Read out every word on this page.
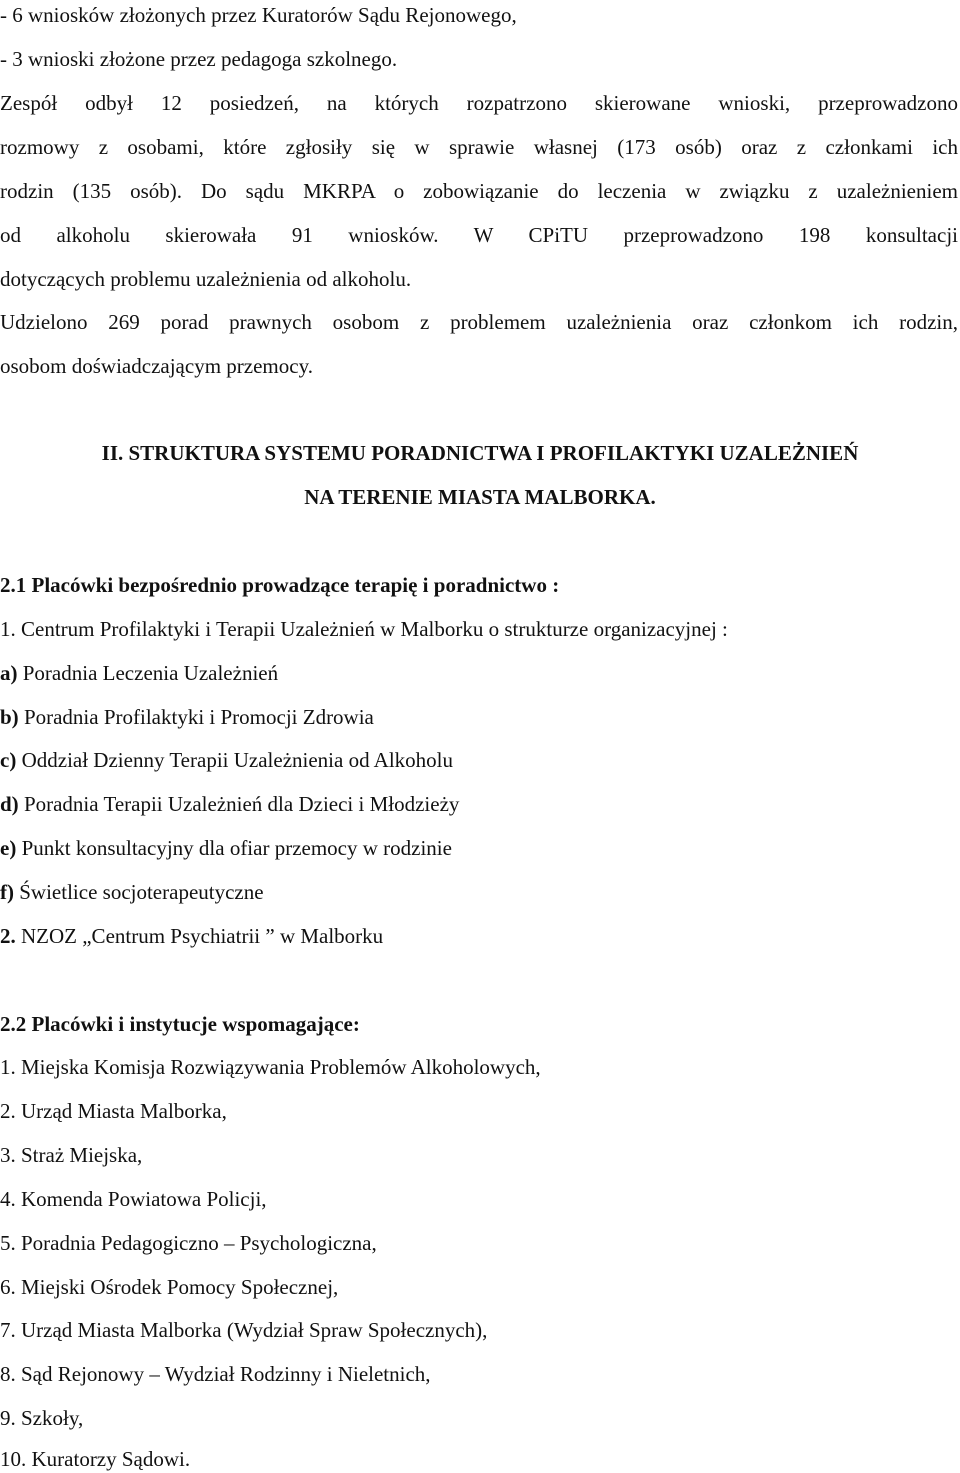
- 6 wniosków złożonych przez Kuratorów Sądu Rejonowego,
- 3 wnioski złożone przez pedagoga szkolnego.
Zespół odbył 12 posiedzeń, na których rozpatrzono skierowane wnioski, przeprowadzono
rozmowy z osobami, które zgłosiły się w sprawie własnej (173 osób) oraz z członkami ich
rodzin (135 osób). Do sądu MKRPA o zobowiązanie do leczenia w związku z uzależnieniem
od alkoholu skierowała 91 wniosków. W CPiTU przeprowadzono 198 konsultacji
dotyczących problemu uzależnienia od alkoholu.
Udzielono 269 porad prawnych osobom z problemem uzależnienia oraz członkom ich rodzin,
osobom doświadczającym przemocy.
II. STRUKTURA SYSTEMU PORADNICTWA I PROFILAKTYKI UZALEŻNIEŃ
NA TERENIE MIASTA MALBORKA.
2.1 Placówki bezpośrednio prowadzące terapię i poradnictwo :
1. Centrum Profilaktyki i Terapii Uzależnień w Malborku o strukturze organizacyjnej :
a) Poradnia Leczenia Uzależnień
b) Poradnia Profilaktyki i Promocji Zdrowia
c) Oddział Dzienny Terapii Uzależnienia od Alkoholu
d) Poradnia Terapii Uzależnień dla Dzieci i Młodzieży
e) Punkt konsultacyjny dla ofiar przemocy w rodzinie
f) Świetlice socjoterapeutyczne
2. NZOZ „Centrum Psychiatrii ” w Malborku
2.2 Placówki i instytucje wspomagające:
1. Miejska Komisja Rozwiązywania Problemów Alkoholowych,
2. Urząd Miasta Malborka,
3. Straż Miejska,
4. Komenda Powiatowa Policji,
5. Poradnia Pedagogiczno – Psychologiczna,
6. Miejski Ośrodek Pomocy Społecznej,
7. Urząd Miasta Malborka (Wydział Spraw Społecznych),
8. Sąd Rejonowy – Wydział Rodzinny i Nieletnich,
9. Szkoły,
10. Kuratorzy Sądowi.
